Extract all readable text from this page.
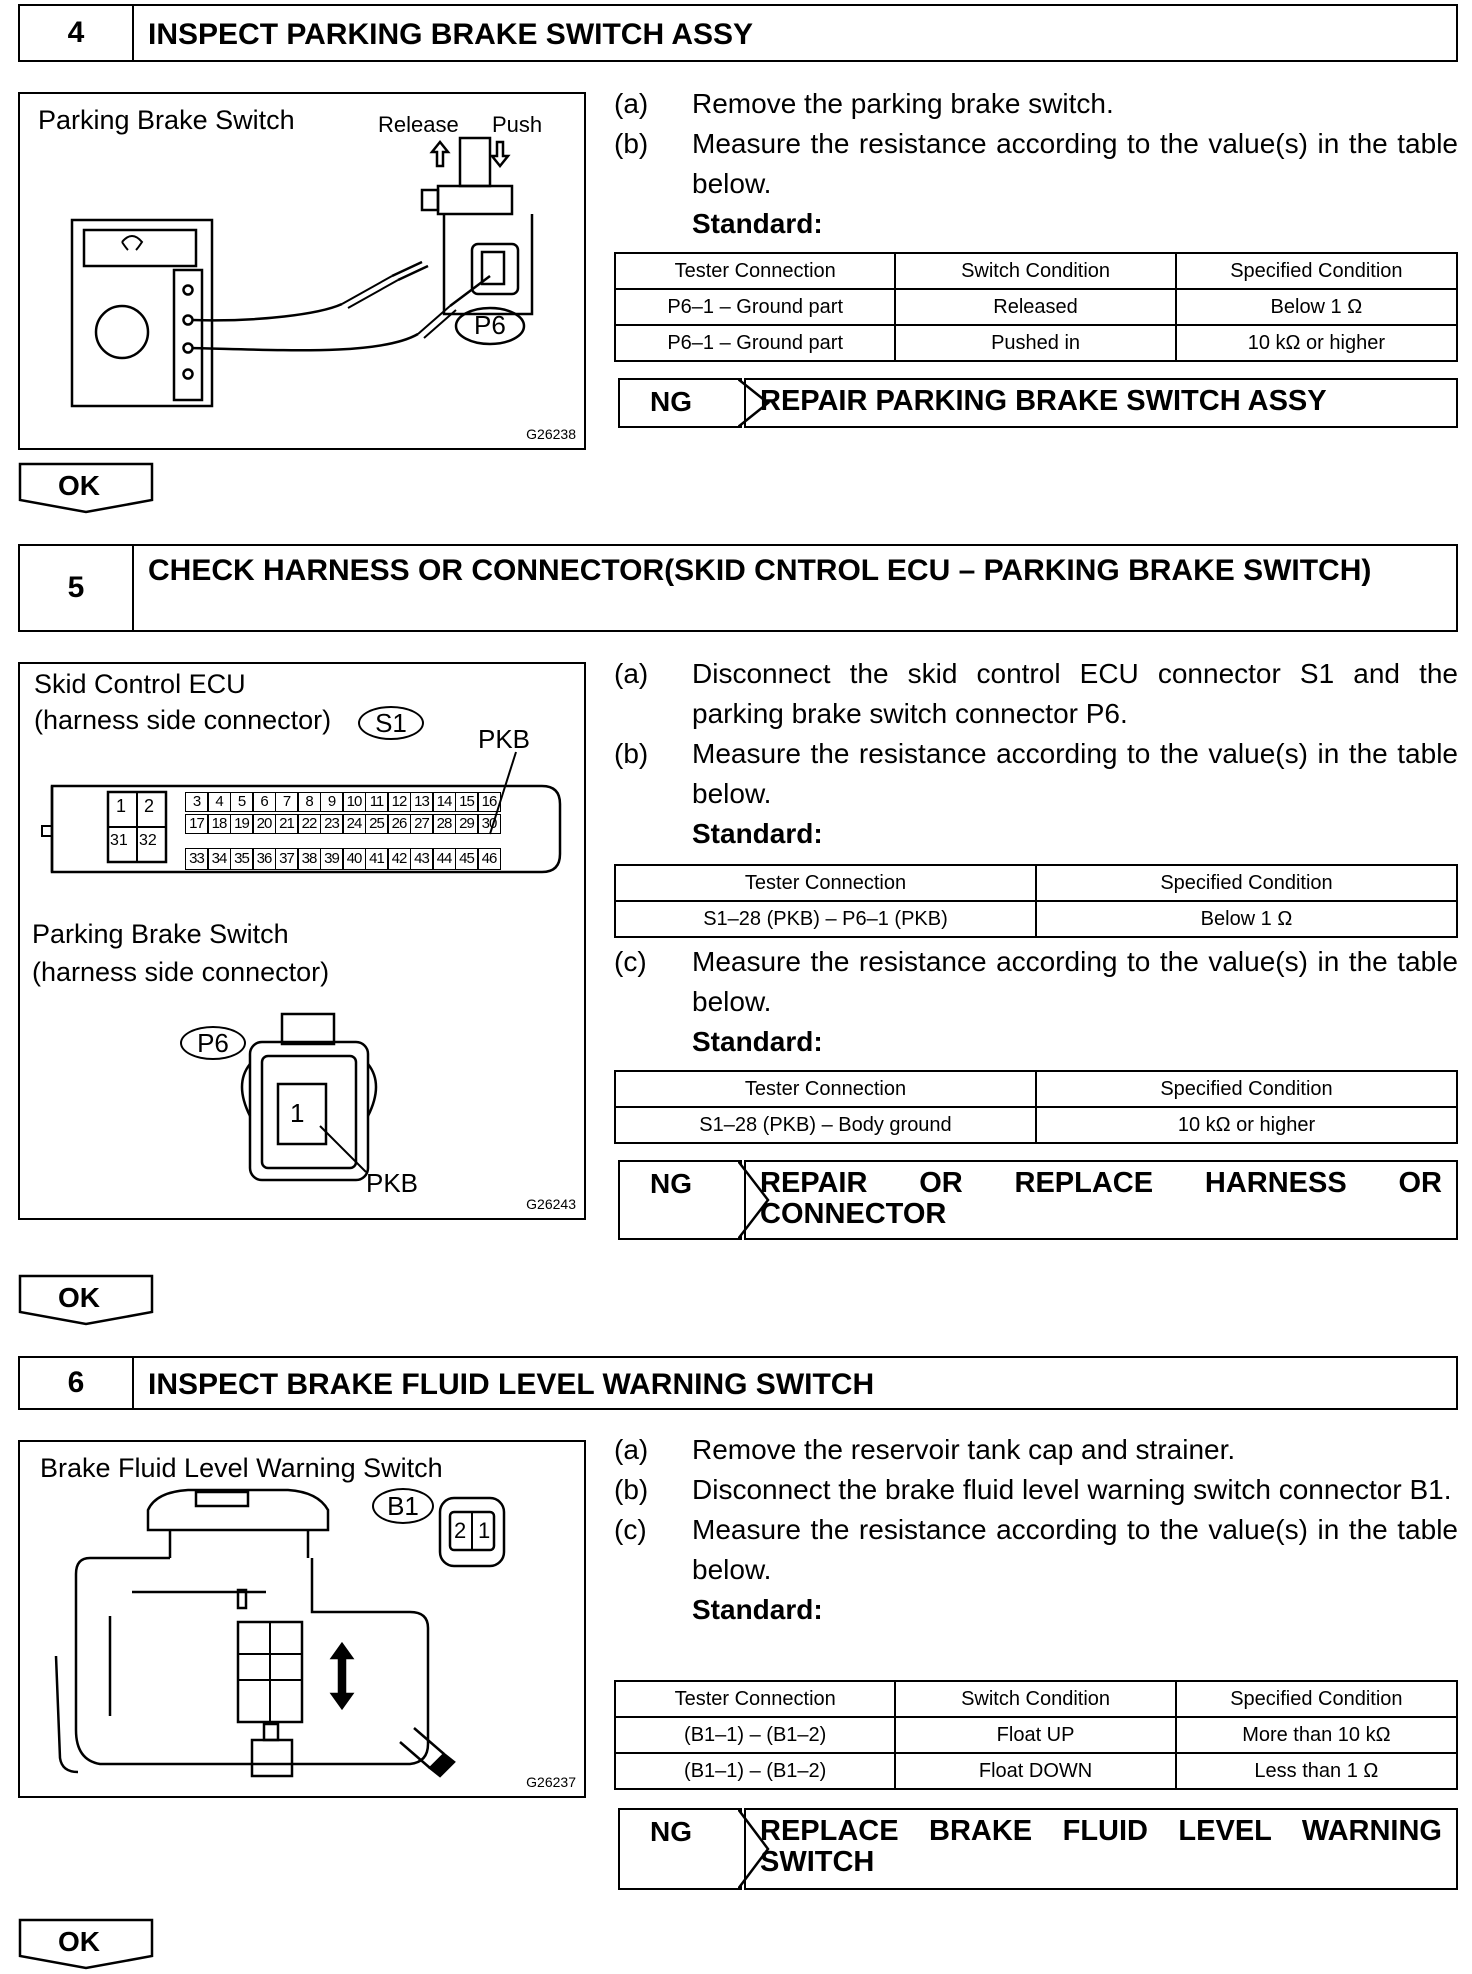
4	INSPECT PARKING BRAKE SWITCH ASSY
Parking Brake Switch	Release Push
P6
G26238
(a)	Remove the parking brake switch.
(b)	Measure the resistance according to the value(s) in the table below.
Standard:
Tester Connection	Switch Condition	Specified Condition
P6–1 – Ground part	Released	Below 1 Ω
P6–1 – Ground part	Pushed in	10 kΩ or higher
NG	REPAIR PARKING BRAKE SWITCH ASSY
OK
5
CHECK HARNESS OR CONNECTOR(SKID CNTROL ECU – PARKING BRAKE SWITCH)
Skid Control ECU
(harness side connector)	S1
PKB
1 2
31 32
3	4	5	6	7	8	9 10 11 12 13 14 15 16
17 18 19 20 21 22 23 24 25 26 27 28 29 30
33 34 35 36 37 38 39 40 41 42 43 44 45 46
Parking Brake Switch
(harness side connector)
P6
1
PKB
G26243
(a)	Disconnect the skid control ECU connector S1 and the parking brake switch connector P6.
(b)	Measure the resistance according to the value(s) in the table below.
Standard:
Tester Connection	Specified Condition
S1–28 (PKB) – P6–1 (PKB)	Below 1 Ω
(c)	Measure the resistance according to the value(s) in the table below.
Standard:
Tester Connection	Specified Condition
S1–28 (PKB) – Body ground	10 kΩ or higher
NG	REPAIR OR REPLACE HARNESS OR CONNECTOR
OK
6	INSPECT BRAKE FLUID LEVEL WARNING SWITCH
Brake Fluid Level Warning Switch
B1
2 1
G26237
(a)	Remove the reservoir tank cap and strainer.
(b)	Disconnect the brake fluid level warning switch connector B1.
(c)	Measure the resistance according to the value(s) in the table below.
Standard:
Tester Connection	Switch Condition	Specified Condition
(B1–1) – (B1–2)	Float UP	More than 10 kΩ
(B1–1) – (B1–2)	Float DOWN	Less than 1 Ω
NG	REPLACE BRAKE FLUID LEVEL WARNING SWITCH
OK
